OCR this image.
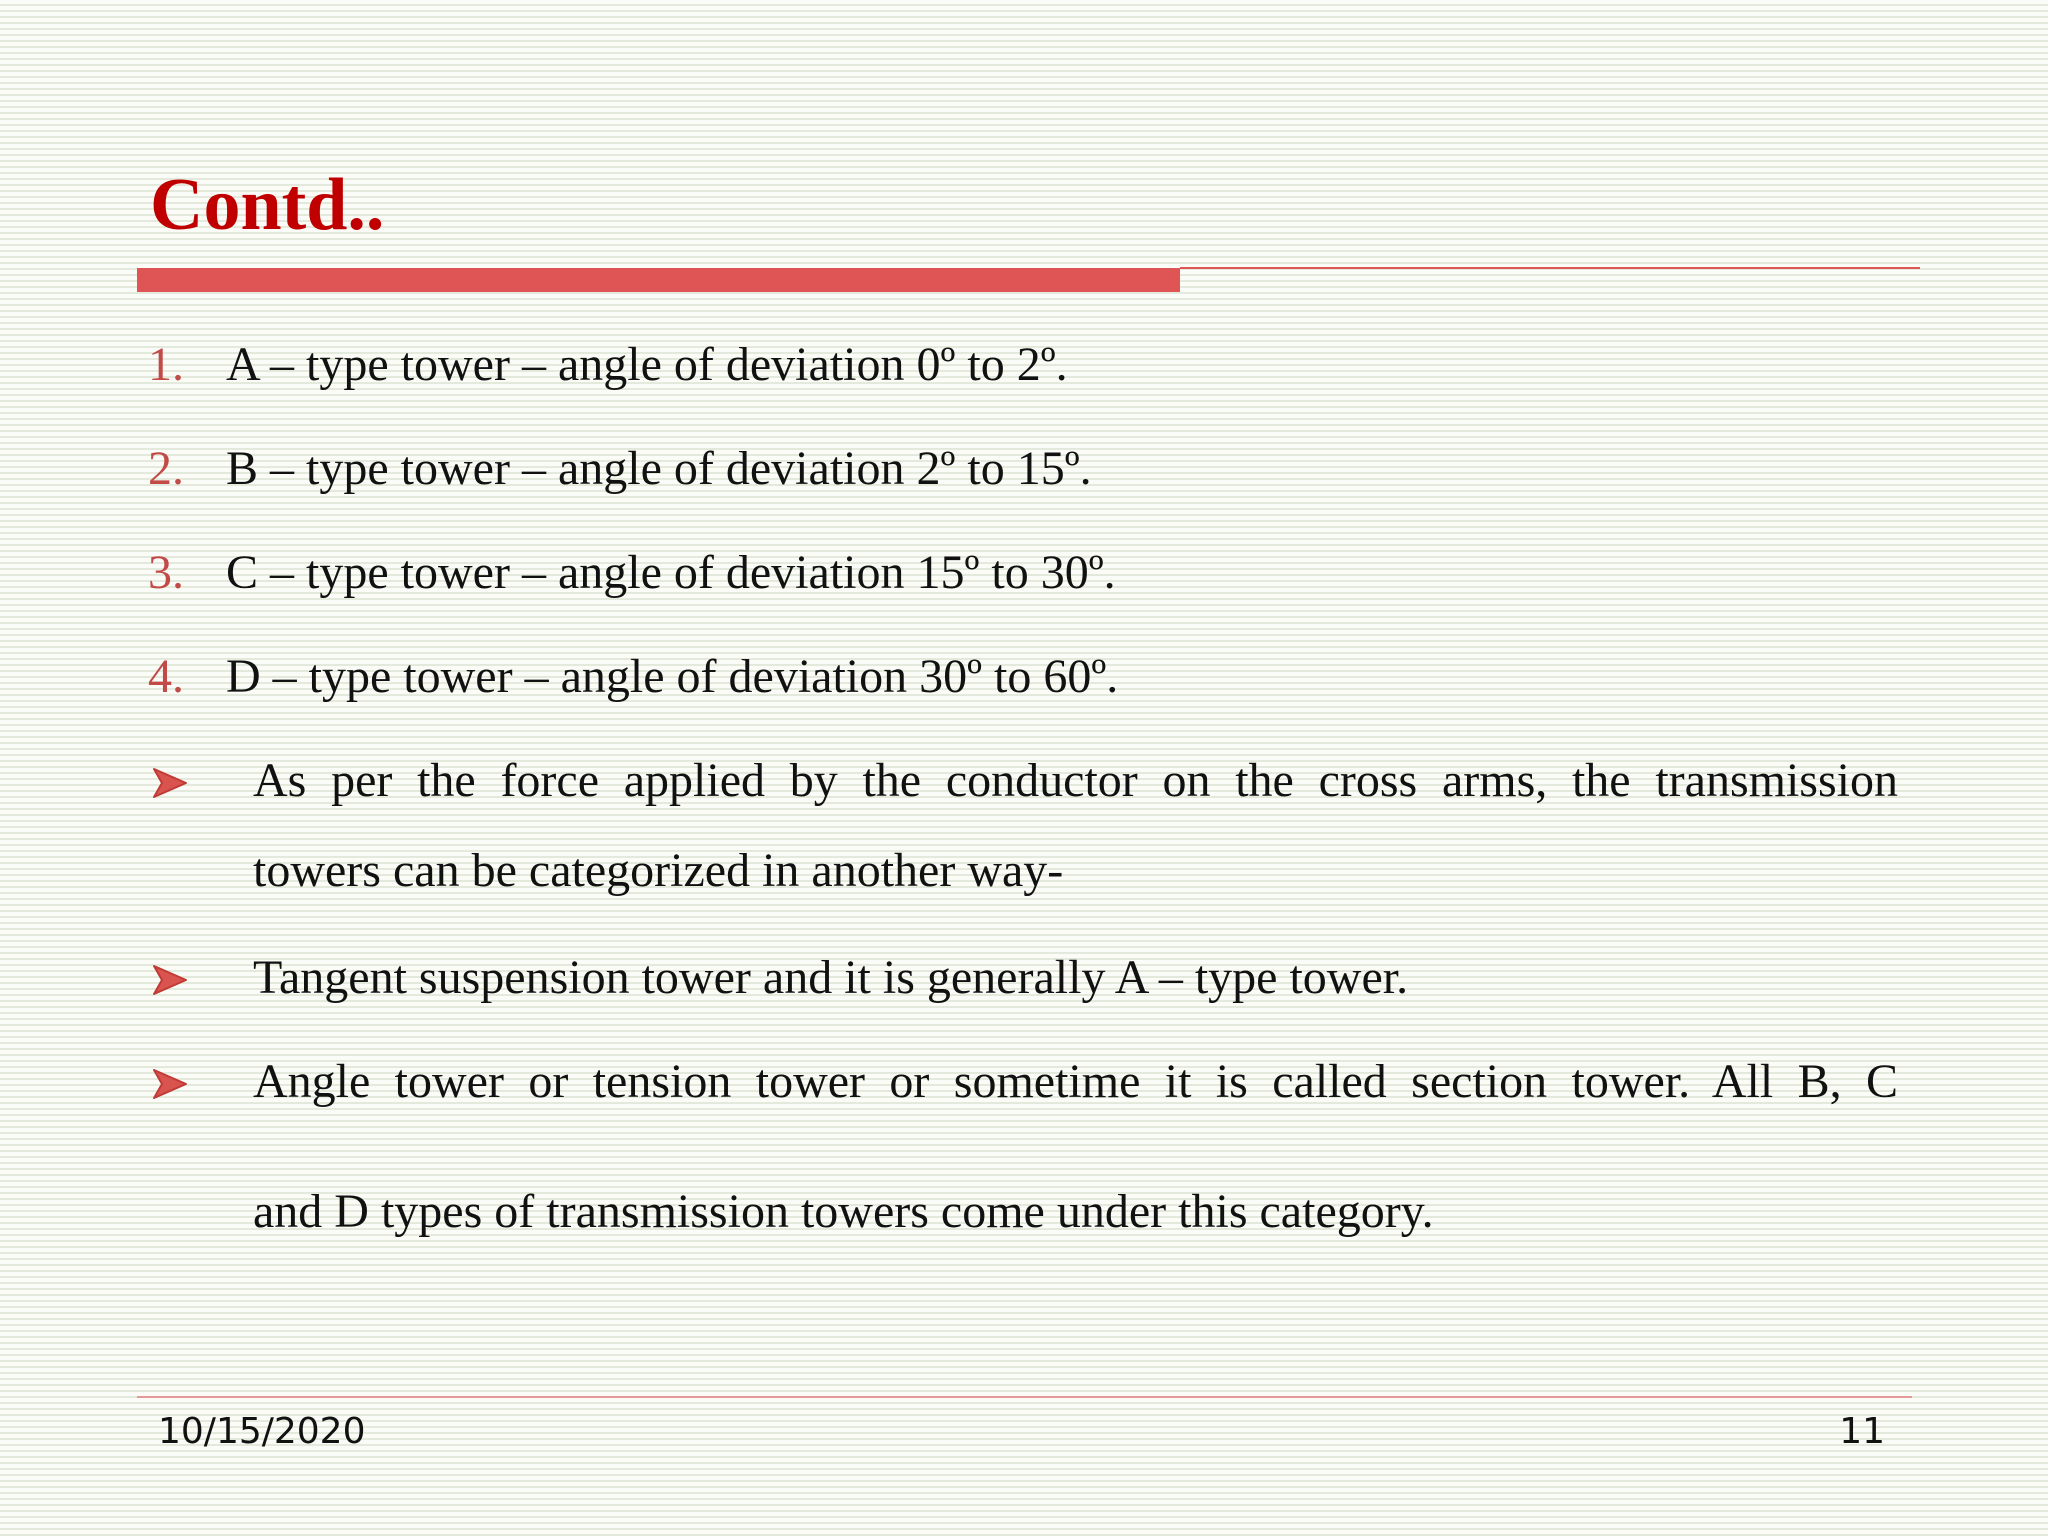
Contd..
1. A – type tower – angle of deviation 0º to 2º.
2. B – type tower – angle of deviation 2º to 15º.
3. C – type tower – angle of deviation 15º to 30º.
4. D – type tower – angle of deviation 30º to 60º.
As per the force applied by the conductor on the cross arms, the transmission
towers can be categorized in another way-
Tangent suspension tower and it is generally A – type tower.
Angle tower or tension tower or sometime it is called section tower. All B, C
and D types of transmission towers come under this category.
10/15/2020	11
